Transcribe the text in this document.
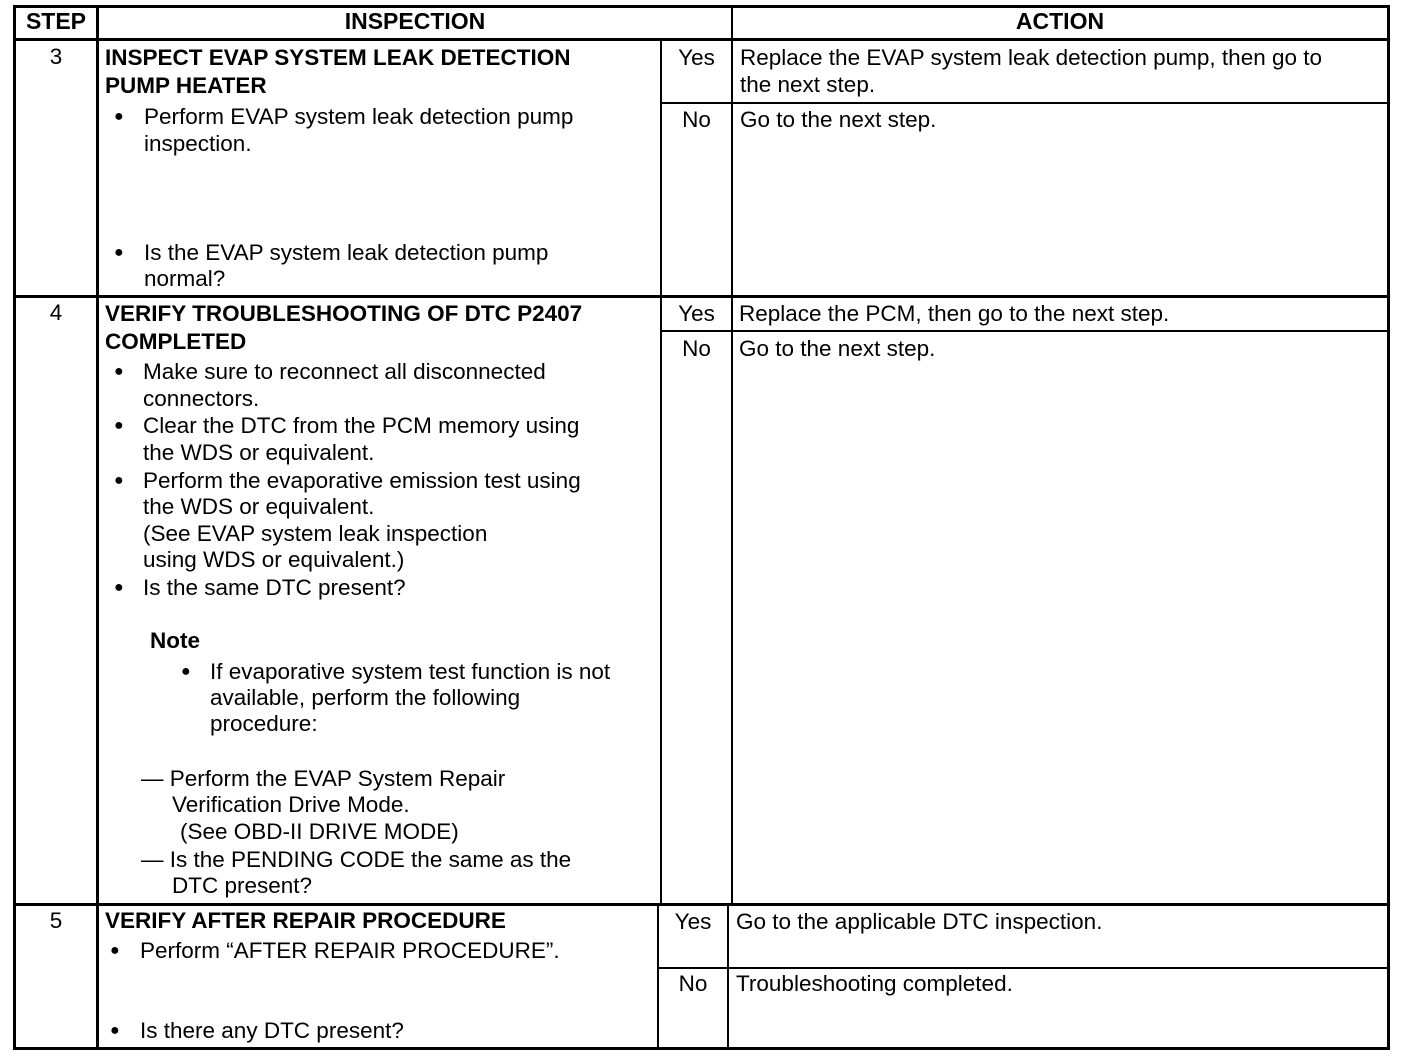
STEP	INSPECTION	ACTION
3	INSPECT EVAP SYSTEM LEAK DETECTION
PUMP HEATER
● Perform EVAP system leak detection pump
inspection.
● Is the EVAP system leak detection pump
normal?
Yes	Replace the EVAP system leak detection pump, then go to
the next step.
No	Go to the next step.
4	VERIFY TROUBLESHOOTING OF DTC P2407
COMPLETED
● Make sure to reconnect all disconnected
connectors.
● Clear the DTC from the PCM memory using
the WDS or equivalent.
● Perform the evaporative emission test using
the WDS or equivalent.
(See EVAP system leak inspection
using WDS or equivalent.)
● Is the same DTC present?
Note
● If evaporative system test function is not
available, perform the following
procedure:
— Perform the EVAP System Repair
Verification Drive Mode.
(See OBD-II DRIVE MODE)
— Is the PENDING CODE the same as the
DTC present?
Yes	Replace the PCM, then go to the next step.
No	Go to the next step.
5	VERIFY AFTER REPAIR PROCEDURE
● Perform “AFTER REPAIR PROCEDURE”.
● Is there any DTC present?
Yes	Go to the applicable DTC inspection.
No	Troubleshooting completed.
